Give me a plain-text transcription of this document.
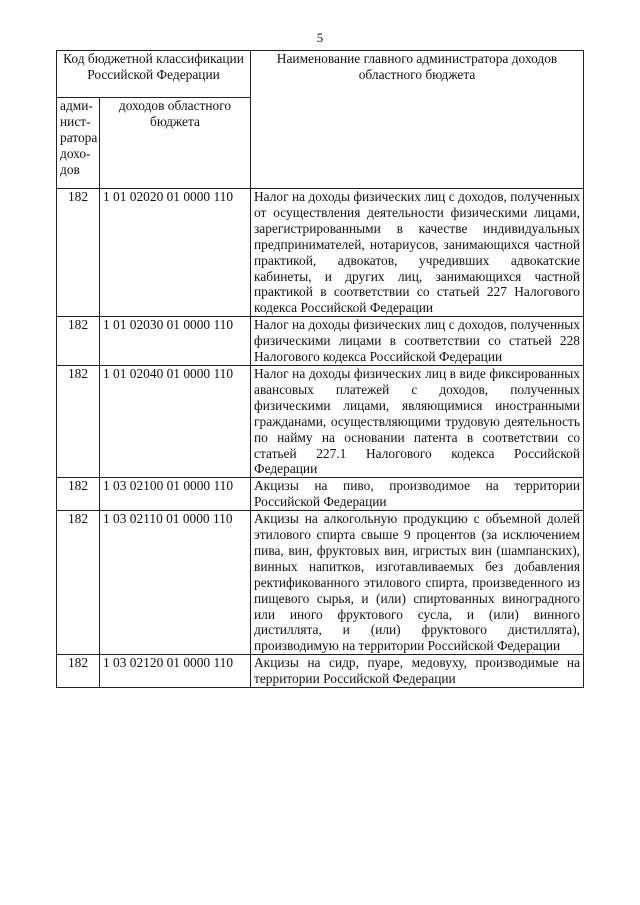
5
Код бюджетной классификации Российской Федерации		Наименование главного администратора доходов областного бюджета
адми-нист-ратора дохо-дов	доходов областного бюджета	
182	1 01 02020 01 0000 110	Налог на доходы физических лиц с доходов, полученных от осуществления деятельности физическими лицами, зарегистрированными в качестве индивидуальных предпринимателей, нотариусов, занимающихся частной практикой, адвокатов, учредивших адвокатские кабинеты, и других лиц, занимающихся частной практикой в соответствии со статьей 227 Налогового кодекса Российской Федерации
182	1 01 02030 01 0000 110	Налог на доходы физических лиц с доходов, полученных физическими лицами в соответствии со статьей 228 Налогового кодекса Российской Федерации
182	1 01 02040 01 0000 110	Налог на доходы физических лиц в виде фиксированных авансовых платежей с доходов, полученных физическими лицами, являющимися иностранными гражданами, осуществляющими трудовую деятельность по найму на основании патента в соответствии со статьей 227.1 Налогового кодекса Российской Федерации
182	1 03 02100 01 0000 110	Акцизы на пиво, производимое на территории Российской Федерации
182	1 03 02110 01 0000 110	Акцизы на алкогольную продукцию с объемной долей этилового спирта свыше 9 процентов (за исключением пива, вин, фруктовых вин, игристых вин (шампанских), винных напитков, изготавливаемых без добавления ректификованного этилового спирта, произведенного из пищевого сырья, и (или) спиртованных виноградного или иного фруктового сусла, и (или) винного дистиллята, и (или) фруктового дистиллята), производимую на территории Российской Федерации
182	1 03 02120 01 0000 110	Акцизы на сидр, пуаре, медовуху, производимые на территории Российской Федерации
